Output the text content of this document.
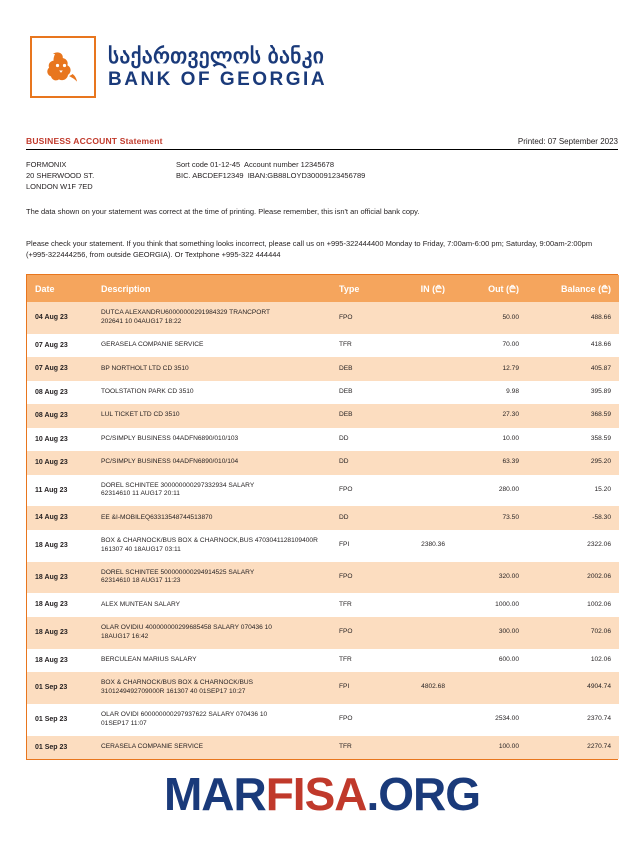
საქართველოს ბანკი
BANK OF GEORGIA
BUSINESS ACCOUNT Statement	Printed: 07 September 2023
FORMONIX
20 SHERWOOD ST.
LONDON W1F 7ED
Sort code 01-12-45  Account number 12345678
BIC. ABCDEF12349  IBAN:GB88LOYD30009123456789
The data shown on your statement was correct at the time of printing. Please remember, this isn't an official bank copy.
Please check your statement. If you think that something looks incorrect, please call us on +995-322444400 Monday to Friday, 7:00am-6:00 pm; Saturday, 9:00am-2:00pm (+995-322444256, from outside GEORGIA). Or Textphone +995-322 444444
Date	Description	Type	IN (₾)	Out (₾)	Balance (₾)
04 Aug 23	DUTCA ALEXANDRU60000000291984329 TRANCPORT
202641 10 04AUG17 18:22	FPO		50.00	488.66
07 Aug 23	GERASELA COMPANIE SERVICE	TFR		70.00	418.66
07 Aug 23	BP NORTHOLT LTD CD 3510	DEB		12.79	405.87
08 Aug 23	TOOLSTATION PARK CD 3510	DEB		9.98	395.89
08 Aug 23	LUL TICKET LTD CD 3510	DEB		27.30	368.59
10 Aug 23	PC/SIMPLY BUSINESS 04ADFN6890/010/103	DD		10.00	358.59
10 Aug 23	PC/SIMPLY BUSINESS 04ADFN6890/010/104	DD		63.39	295.20
11 Aug 23	DOREL SCHINTEE 300000000297332934 SALARY
62314610 11 AUG17 20:11	FPO		280.00	15.20
14 Aug 23	EE &I-MOBILEQ63313548744513870	DD		73.50	-58.30
18 Aug 23	BOX & CHARNOCK/BUS BOX & CHARNOCK,BUS 4703041128109400R
161307 40 18AUG17 03:11	FPI	2380.36		2322.06
18 Aug 23	DOREL SCHINTEE 500000000294914525 SALARY
62314610 18 AUG17 11:23	FPO		320.00	2002.06
18 Aug 23	ALEX MUNTEAN SALARY	TFR		1000.00	1002.06
18 Aug 23	OLAR OVIDIU 400000000299685458 SALARY 070436 10
18AUG17 16:42	FPO		300.00	702.06
18 Aug 23	BERCULEAN MARIUS SALARY	TFR		600.00	102.06
01 Sep 23	BOX & CHARNOCK/BUS BOX & CHARNOCK/BUS
3101249492709000R 161307 40 01SEP17 10:27	FPI	4802.68		4904.74
01 Sep 23	OLAR OVIDI 600000000297937622 SALARY 070436 10
01SEP17 11:07	FPO		2534.00	2370.74
01 Sep 23	CERASELA COMPANIE SERVICE	TFR		100.00	2270.74
MARFISA.ORG
